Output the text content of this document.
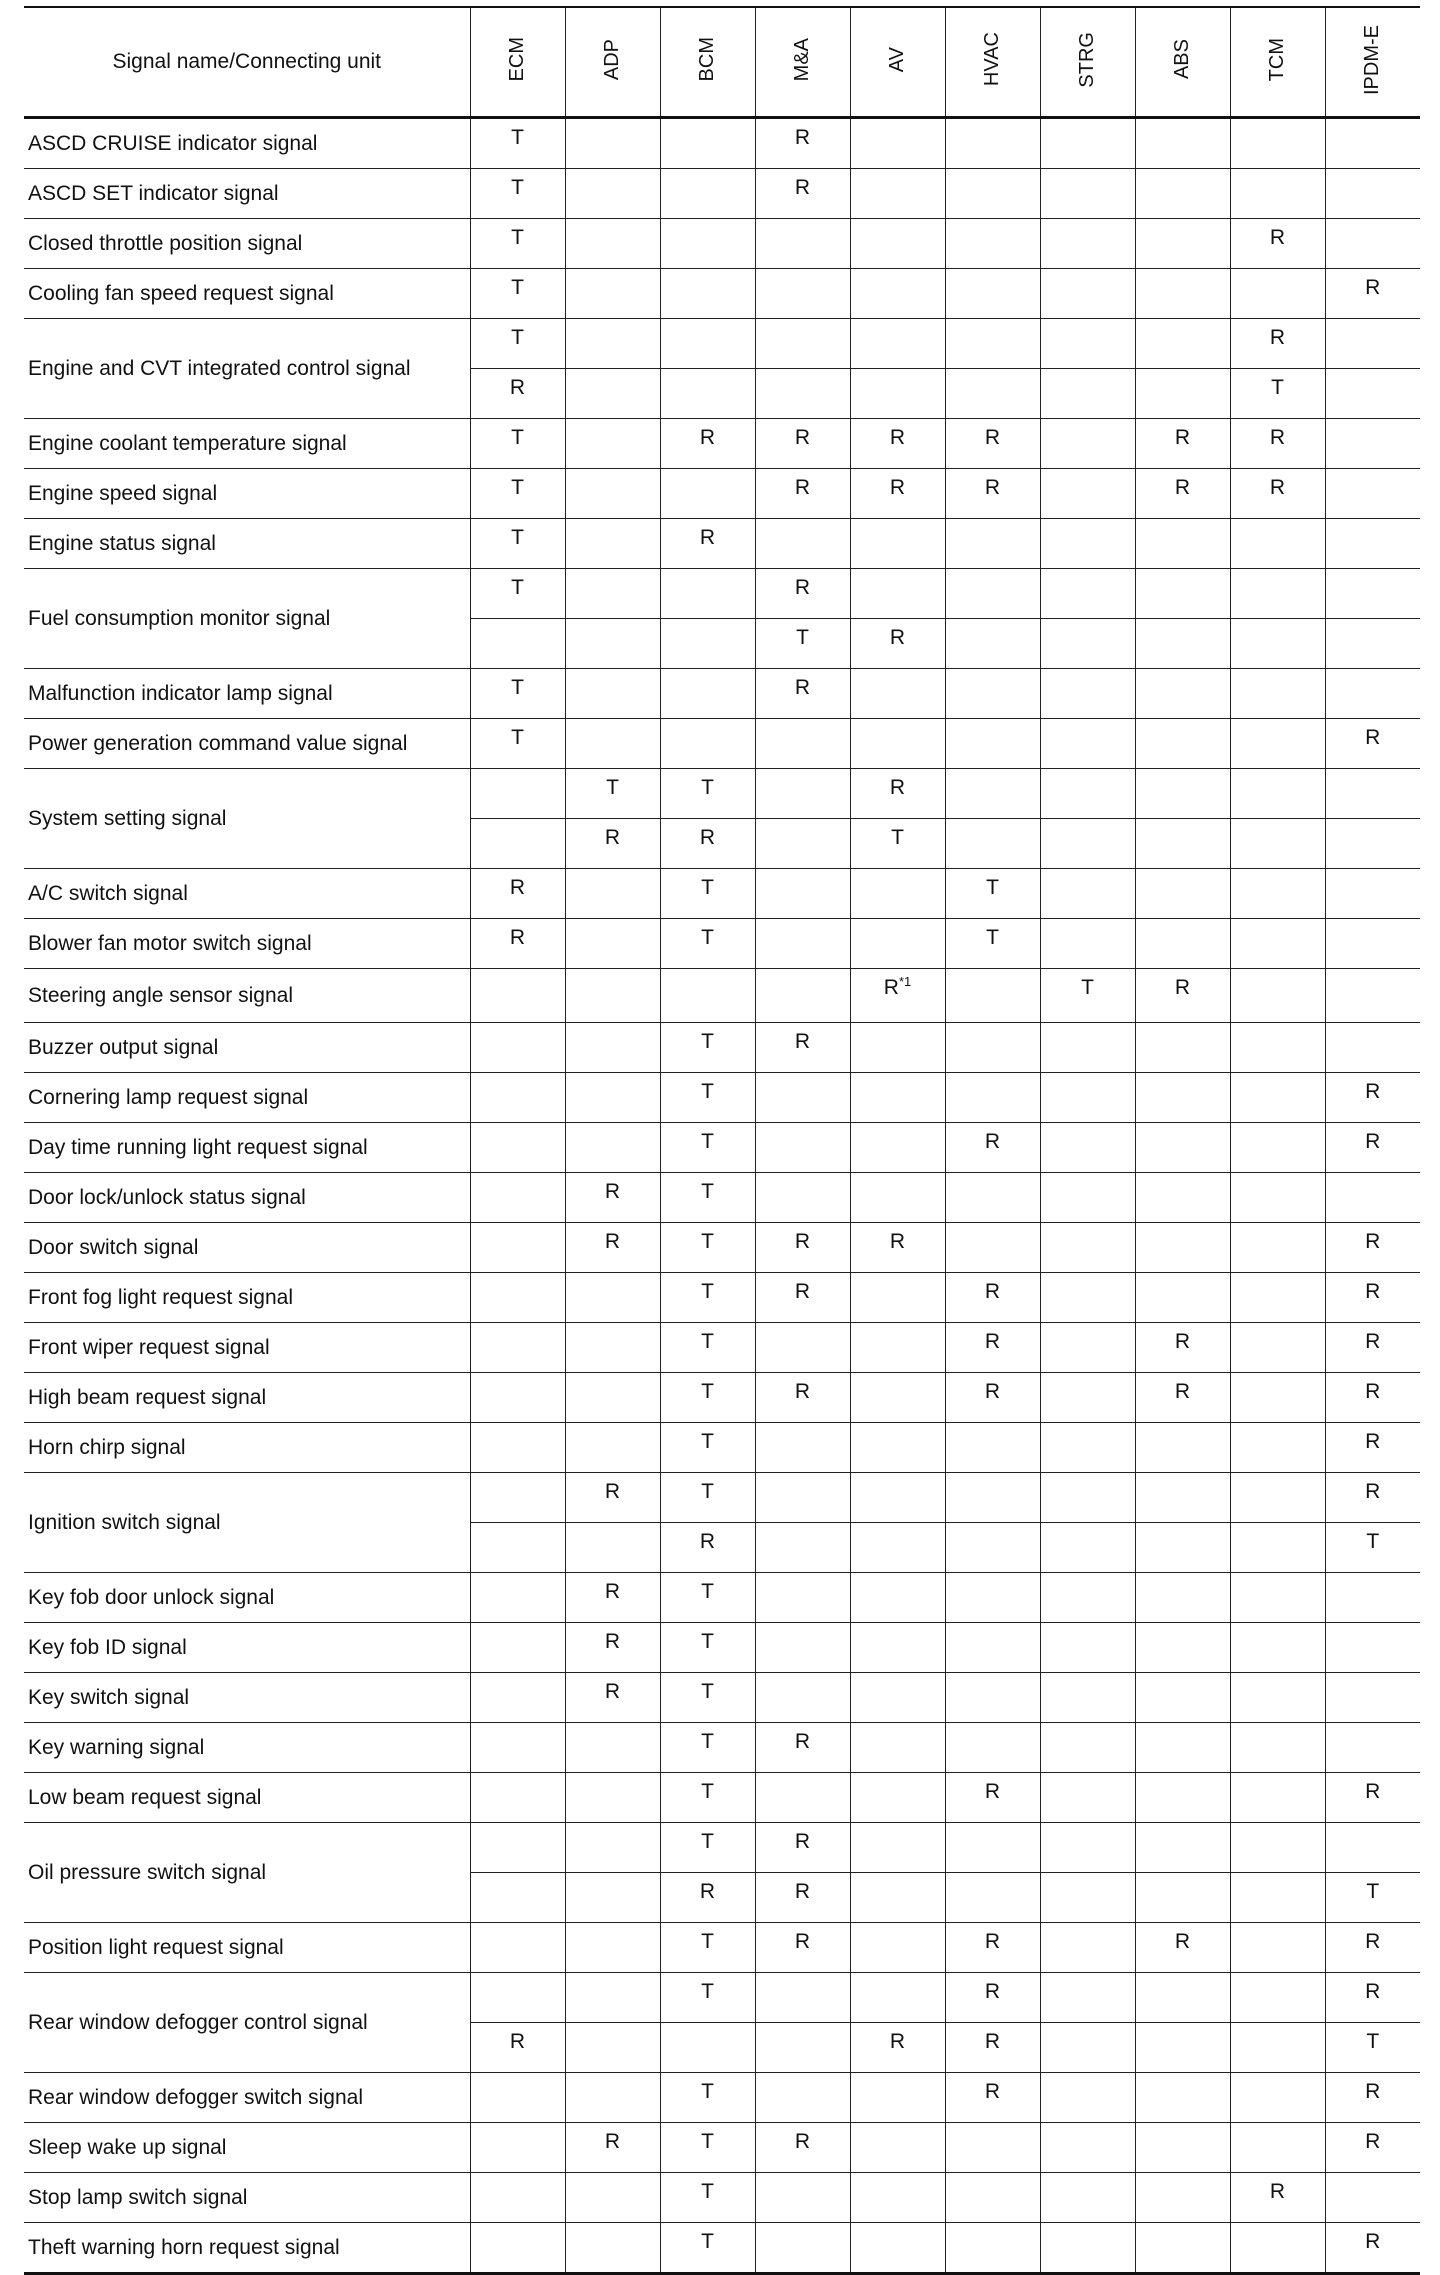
Signal name/Connecting unit	ECM	ADP	BCM	M&A	AV	HVAC	STRG	ABS	TCM	IPDM-E
ASCD CRUISE indicator signal	T			R						
ASCD SET indicator signal	T			R						
Closed throttle position signal	T								R	
Cooling fan speed request signal	T									R
Engine and CVT integrated control signal	T								R	
	R								T	
Engine coolant temperature signal	T		R	R	R	R		R	R	
Engine speed signal	T			R	R	R		R	R	
Engine status signal	T		R							
Fuel consumption monitor signal	T			R						
				T	R					
Malfunction indicator lamp signal	T			R						
Power generation command value signal	T									R
System setting signal		T	T		R					
		R	R		T					
A/C switch signal	R		T			T				
Blower fan motor switch signal	R		T			T				
Steering angle sensor signal					$R^{*1}$		T	R		
Buzzer output signal			T	R						
Cornering lamp request signal			T							R
Day time running light request signal			T			R				R
Door lock/unlock status signal		R	T							
Door switch signal		R	T	R	R					R
Front fog light request signal			T	R		R				R
Front wiper request signal			T			R		R		R
High beam request signal			T	R		R		R		R
Horn chirp signal			T							R
Ignition switch signal		R	T							R
			R							T
Key fob door unlock signal		R	T							
Key fob ID signal		R	T							
Key switch signal		R	T							
Key warning signal			T	R						
Low beam request signal			T			R				R
Oil pressure switch signal			T	R						
			R	R						T
Position light request signal			T	R		R		R		R
Rear window defogger control signal			T			R				R
	R				R	R				T
Rear window defogger switch signal			T			R				R
Sleep wake up signal		R	T	R						R
Stop lamp switch signal			T						R	
Theft warning horn request signal			T							R
